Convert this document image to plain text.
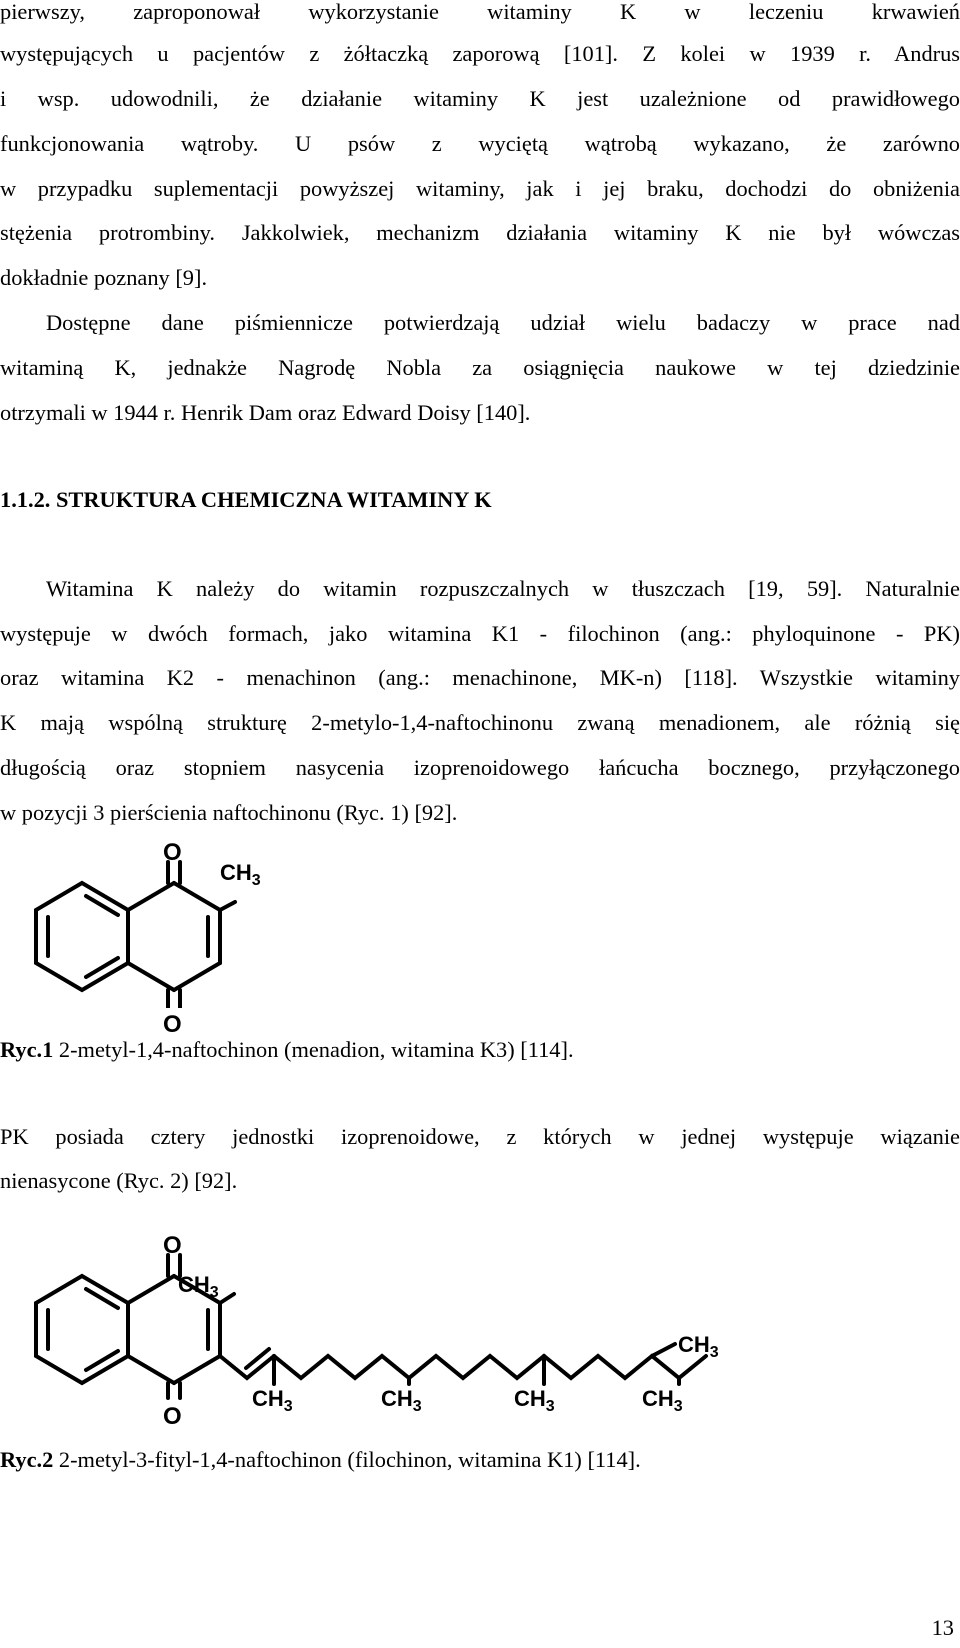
pierwszy, zaproponował wykorzystanie witaminy K w leczeniu krwawień
występujących u pacjentów z żółtaczką zaporową [101]. Z kolei w 1939 r. Andrus
i wsp. udowodnili, że działanie witaminy K jest uzależnione od prawidłowego
funkcjonowania wątroby. U psów z wyciętą wątrobą wykazano, że zarówno
w przypadku suplementacji powyższej witaminy, jak i jej braku, dochodzi do obniżenia
stężenia protrombiny. Jakkolwiek, mechanizm działania witaminy K nie był wówczas
dokładnie poznany [9].
Dostępne dane piśmiennicze potwierdzają udział wielu badaczy w prace nad
witaminą K, jednakże Nagrodę Nobla za osiągnięcia naukowe w tej dziedzinie
otrzymali w 1944 r. Henrik Dam oraz Edward Doisy [140].
1.1.2. STRUKTURA CHEMICZNA WITAMINY K
Witamina K należy do witamin rozpuszczalnych w tłuszczach [19, 59]. Naturalnie
występuje w dwóch formach, jako witamina K1 - filochinon (ang.: phyloquinone - PK)
oraz witamina K2 - menachinon (ang.: menachinone, MK-n) [118]. Wszystkie witaminy
K mają wspólną strukturę 2-metylo-1,4-naftochinonu zwaną menadionem, ale różnią się
długością oraz stopniem nasycenia izoprenoidowego łańcucha bocznego, przyłączonego
w pozycji 3 pierścienia naftochinonu (Ryc. 1) [92].
O
O
$CH_3$
Ryc.1 2-metyl-1,4-naftochinon (menadion, witamina K3) [114].
PK posiada cztery jednostki izoprenoidowe, z których w jednej występuje wiązanie
nienasycone (Ryc. 2) [92].
O
O
$CH_3$
$CH_3$	$CH_3$	$CH_3$	$CH_3$
$CH_3$
Ryc.2 2-metyl-3-fityl-1,4-naftochinon (filochinon, witamina K1) [114].
13
